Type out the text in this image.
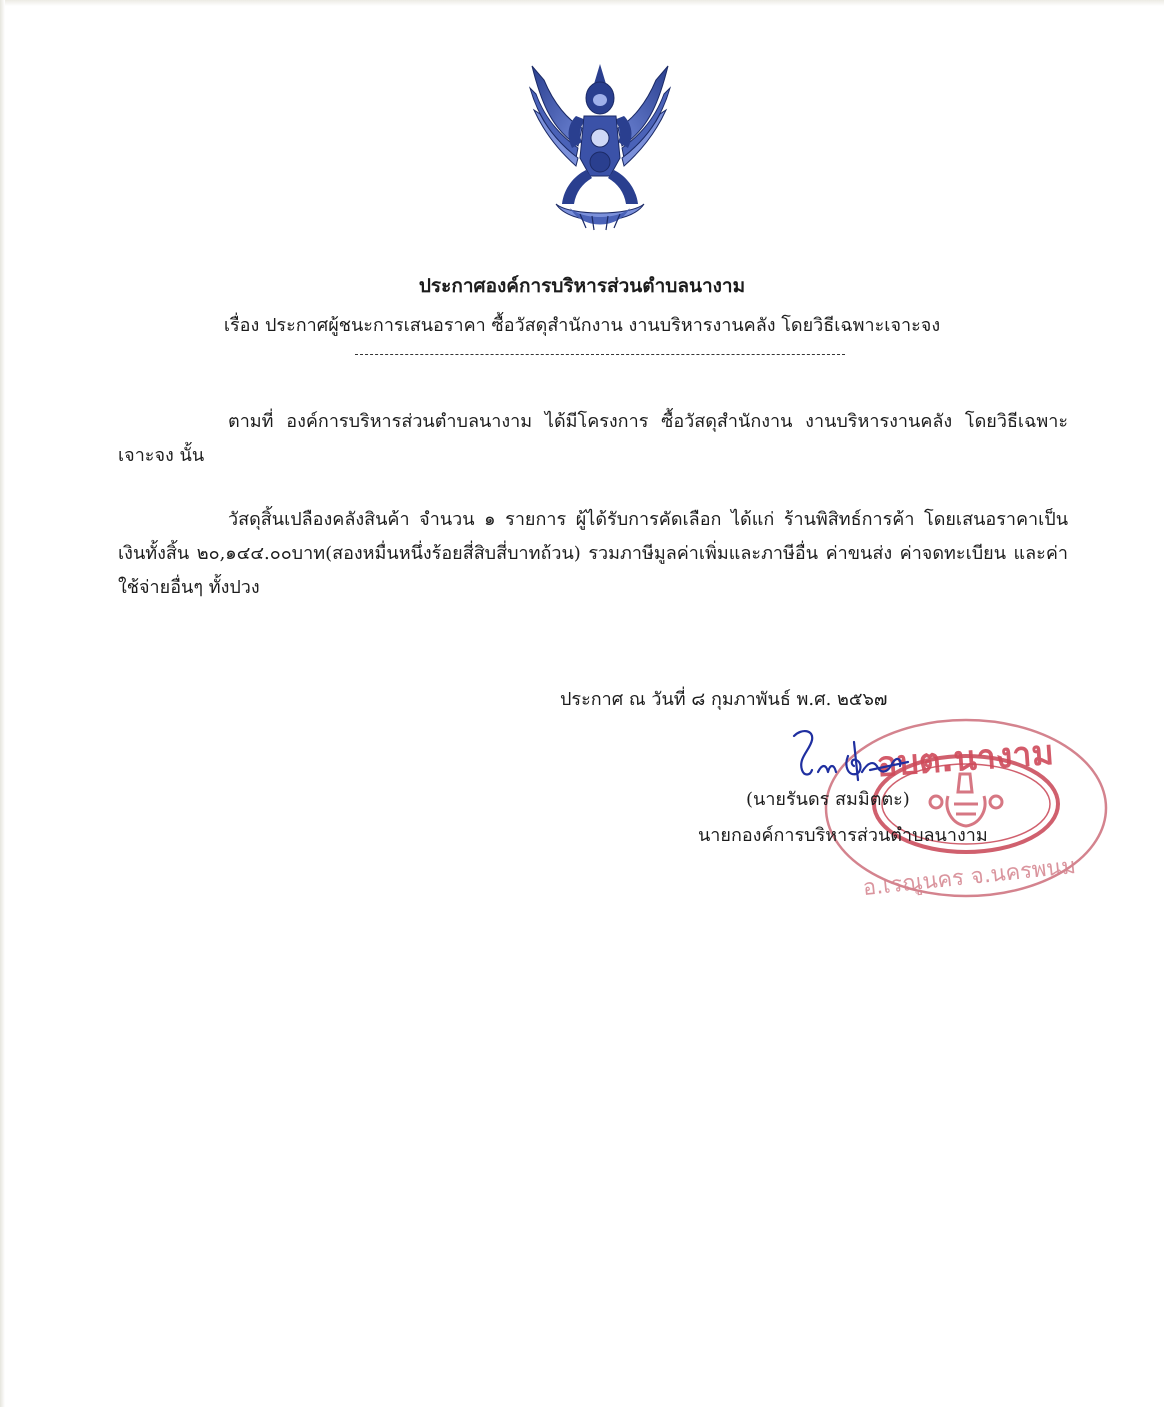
ประกาศองค์การบริหารส่วนตำบลนางาม
เรื่อง ประกาศผู้ชนะการเสนอราคา ซื้อวัสดุสำนักงาน งานบริหารงานคลัง โดยวิธีเฉพาะเจาะจง
ตามที่ องค์การบริหารส่วนตำบลนางาม ได้มีโครงการ ซื้อวัสดุสำนักงาน งานบริหารงานคลัง โดยวิธีเฉพาะเจาะจง นั้น
วัสดุสิ้นเปลืองคลังสินค้า จำนวน ๑ รายการ ผู้ได้รับการคัดเลือก ได้แก่ ร้านพิสิทธ์การค้า โดยเสนอราคาเป็นเงินทั้งสิ้น ๒๐,๑๔๔.๐๐บาท(สองหมื่นหนึ่งร้อยสี่สิบสี่บาทถ้วน) รวมภาษีมูลค่าเพิ่มและภาษีอื่น ค่าขนส่ง ค่าจดทะเบียน และค่าใช้จ่ายอื่นๆ ทั้งปวง
ประกาศ ณ วันที่ ๘ กุมภาพันธ์ พ.ศ. ๒๕๖๗
อบต.นางาม
อ.เรณูนคร จ.นครพนม
(นายรันดร สมมิตตะ)
นายกองค์การบริหารส่วนตำบลนางาม
